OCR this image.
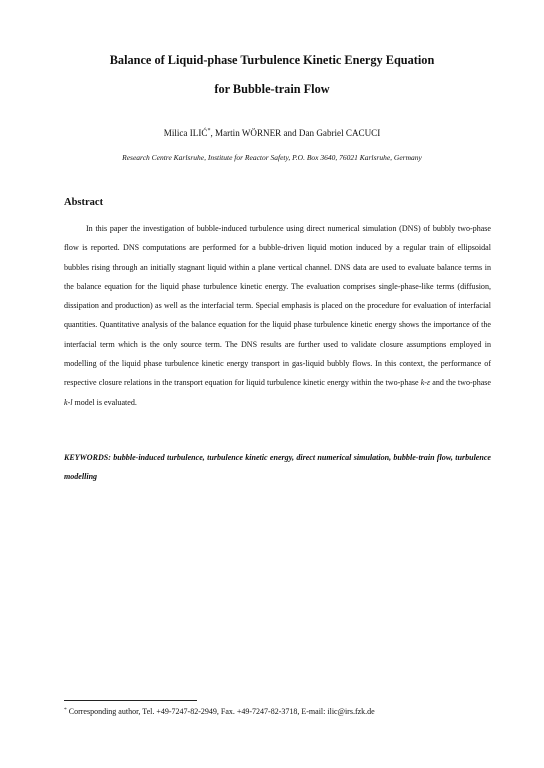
Balance of Liquid-phase Turbulence Kinetic Energy Equation
for Bubble-train Flow
Milica ILIĆ*, Martin WÖRNER and Dan Gabriel CACUCI
Research Centre Karlsruhe, Institute for Reactor Safety, P.O. Box 3640, 76021 Karlsruhe, Germany
Abstract

In this paper the investigation of bubble-induced turbulence using direct numerical simulation (DNS) of bubbly two-phase flow is reported. DNS computations are performed for a bubble-driven liquid motion induced by a regular train of ellipsoidal bubbles rising through an initially stagnant liquid within a plane vertical channel. DNS data are used to evaluate balance terms in the balance equation for the liquid phase turbulence kinetic energy. The evaluation comprises single-phase-like terms (diffusion, dissipation and production) as well as the interfacial term. Special emphasis is placed on the procedure for evaluation of interfacial quantities. Quantitative analysis of the balance equation for the liquid phase turbulence kinetic energy shows the importance of the interfacial term which is the only source term. The DNS results are further used to validate closure assumptions employed in modelling of the liquid phase turbulence kinetic energy transport in gas-liquid bubbly flows. In this context, the performance of respective closure relations in the transport equation for liquid turbulence kinetic energy within the two-phase k-ε and the two-phase k-l model is evaluated.

KEYWORDS: bubble-induced turbulence, turbulence kinetic energy, direct numerical simulation, bubble-train flow, turbulence modelling

* Corresponding author, Tel. +49-7247-82-2949, Fax. +49-7247-82-3718, E-mail: ilic@irs.fzk.de
